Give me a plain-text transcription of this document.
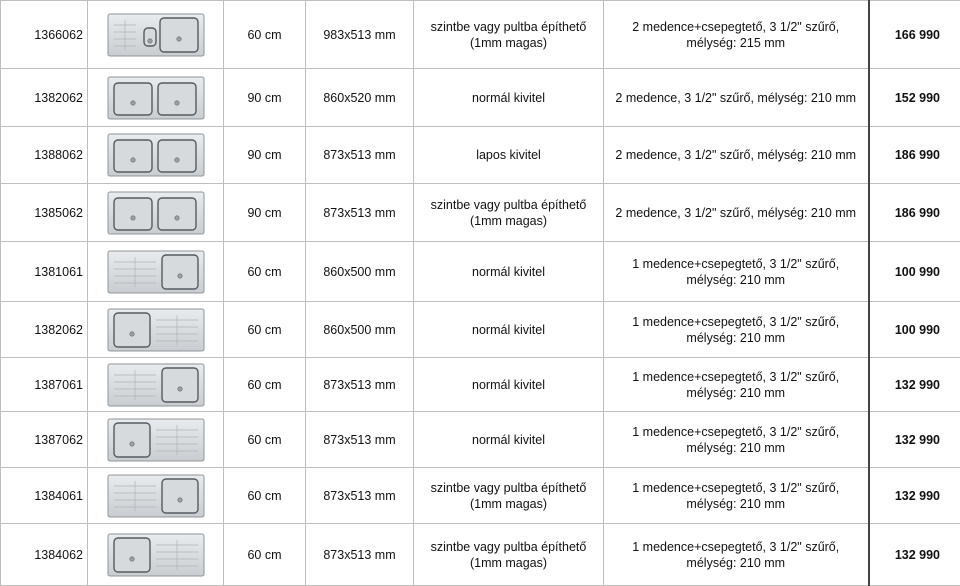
1366062		60 cm	983x513 mm	szintbe vagy pultba építhető (1mm magas)	2 medence+csepegtető, 3 1/2" szűrő, mélység: 215 mm	166 990
1382062		90 cm	860x520 mm	normál kivitel	2 medence, 3 1/2" szűrő, mélység: 210 mm	152 990
1388062		90 cm	873x513 mm	lapos kivitel	2 medence, 3 1/2" szűrő, mélység: 210 mm	186 990
1385062		90 cm	873x513 mm	szintbe vagy pultba építhető (1mm magas)	2 medence, 3 1/2" szűrő, mélység: 210 mm	186 990
1381061		60 cm	860x500 mm	normál kivitel	1 medence+csepegtető, 3 1/2" szűrő, mélység: 210 mm	100 990
1382062		60 cm	860x500 mm	normál kivitel	1 medence+csepegtető, 3 1/2" szűrő, mélység: 210 mm	100 990
1387061		60 cm	873x513 mm	normál kivitel	1 medence+csepegtető, 3 1/2" szűrő, mélység: 210 mm	132 990
1387062		60 cm	873x513 mm	normál kivitel	1 medence+csepegtető, 3 1/2" szűrő, mélység: 210 mm	132 990
1384061		60 cm	873x513 mm	szintbe vagy pultba építhető (1mm magas)	1 medence+csepegtető, 3 1/2" szűrő, mélység: 210 mm	132 990
1384062		60 cm	873x513 mm	szintbe vagy pultba építhető (1mm magas)	1 medence+csepegtető, 3 1/2" szűrő, mélység: 210 mm	132 990
